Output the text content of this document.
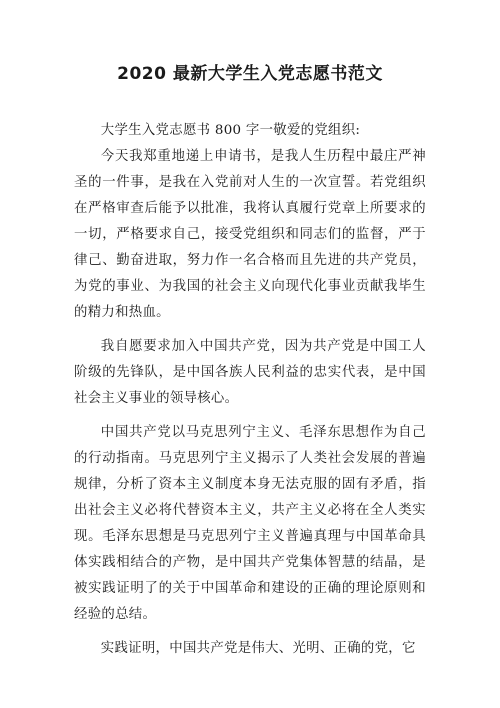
2020 最新大学生入党志愿书范文

大学生入党志愿书 800 字一敬爱的党组织:

今天我郑重地递上申请书，是我人生历程中最庄严神圣的一件事，是我在入党前对人生的一次宣誓。若党组织在严格审查后能予以批准，我将认真履行党章上所要求的一切，严格要求自己，接受党组织和同志们的监督，严于律己、勤奋进取，努力作一名合格而且先进的共产党员，为党的事业、为我国的社会主义向现代化事业贡献我毕生的精力和热血。

我自愿要求加入中国共产党，因为共产党是中国工人阶级的先锋队，是中国各族人民利益的忠实代表，是中国社会主义事业的领导核心。

中国共产党以马克思列宁主义、毛泽东思想作为自己的行动指南。马克思列宁主义揭示了人类社会发展的普遍规律，分析了资本主义制度本身无法克服的固有矛盾，指出社会主义必将代替资本主义，共产主义必将在全人类实现。毛泽东思想是马克思列宁主义普遍真理与中国革命具体实践相结合的产物，是中国共产党集体智慧的结晶，是被实践证明了的关于中国革命和建设的正确的理论原则和经验的总结。

实践证明，中国共产党是伟大、光明、正确的党，它
